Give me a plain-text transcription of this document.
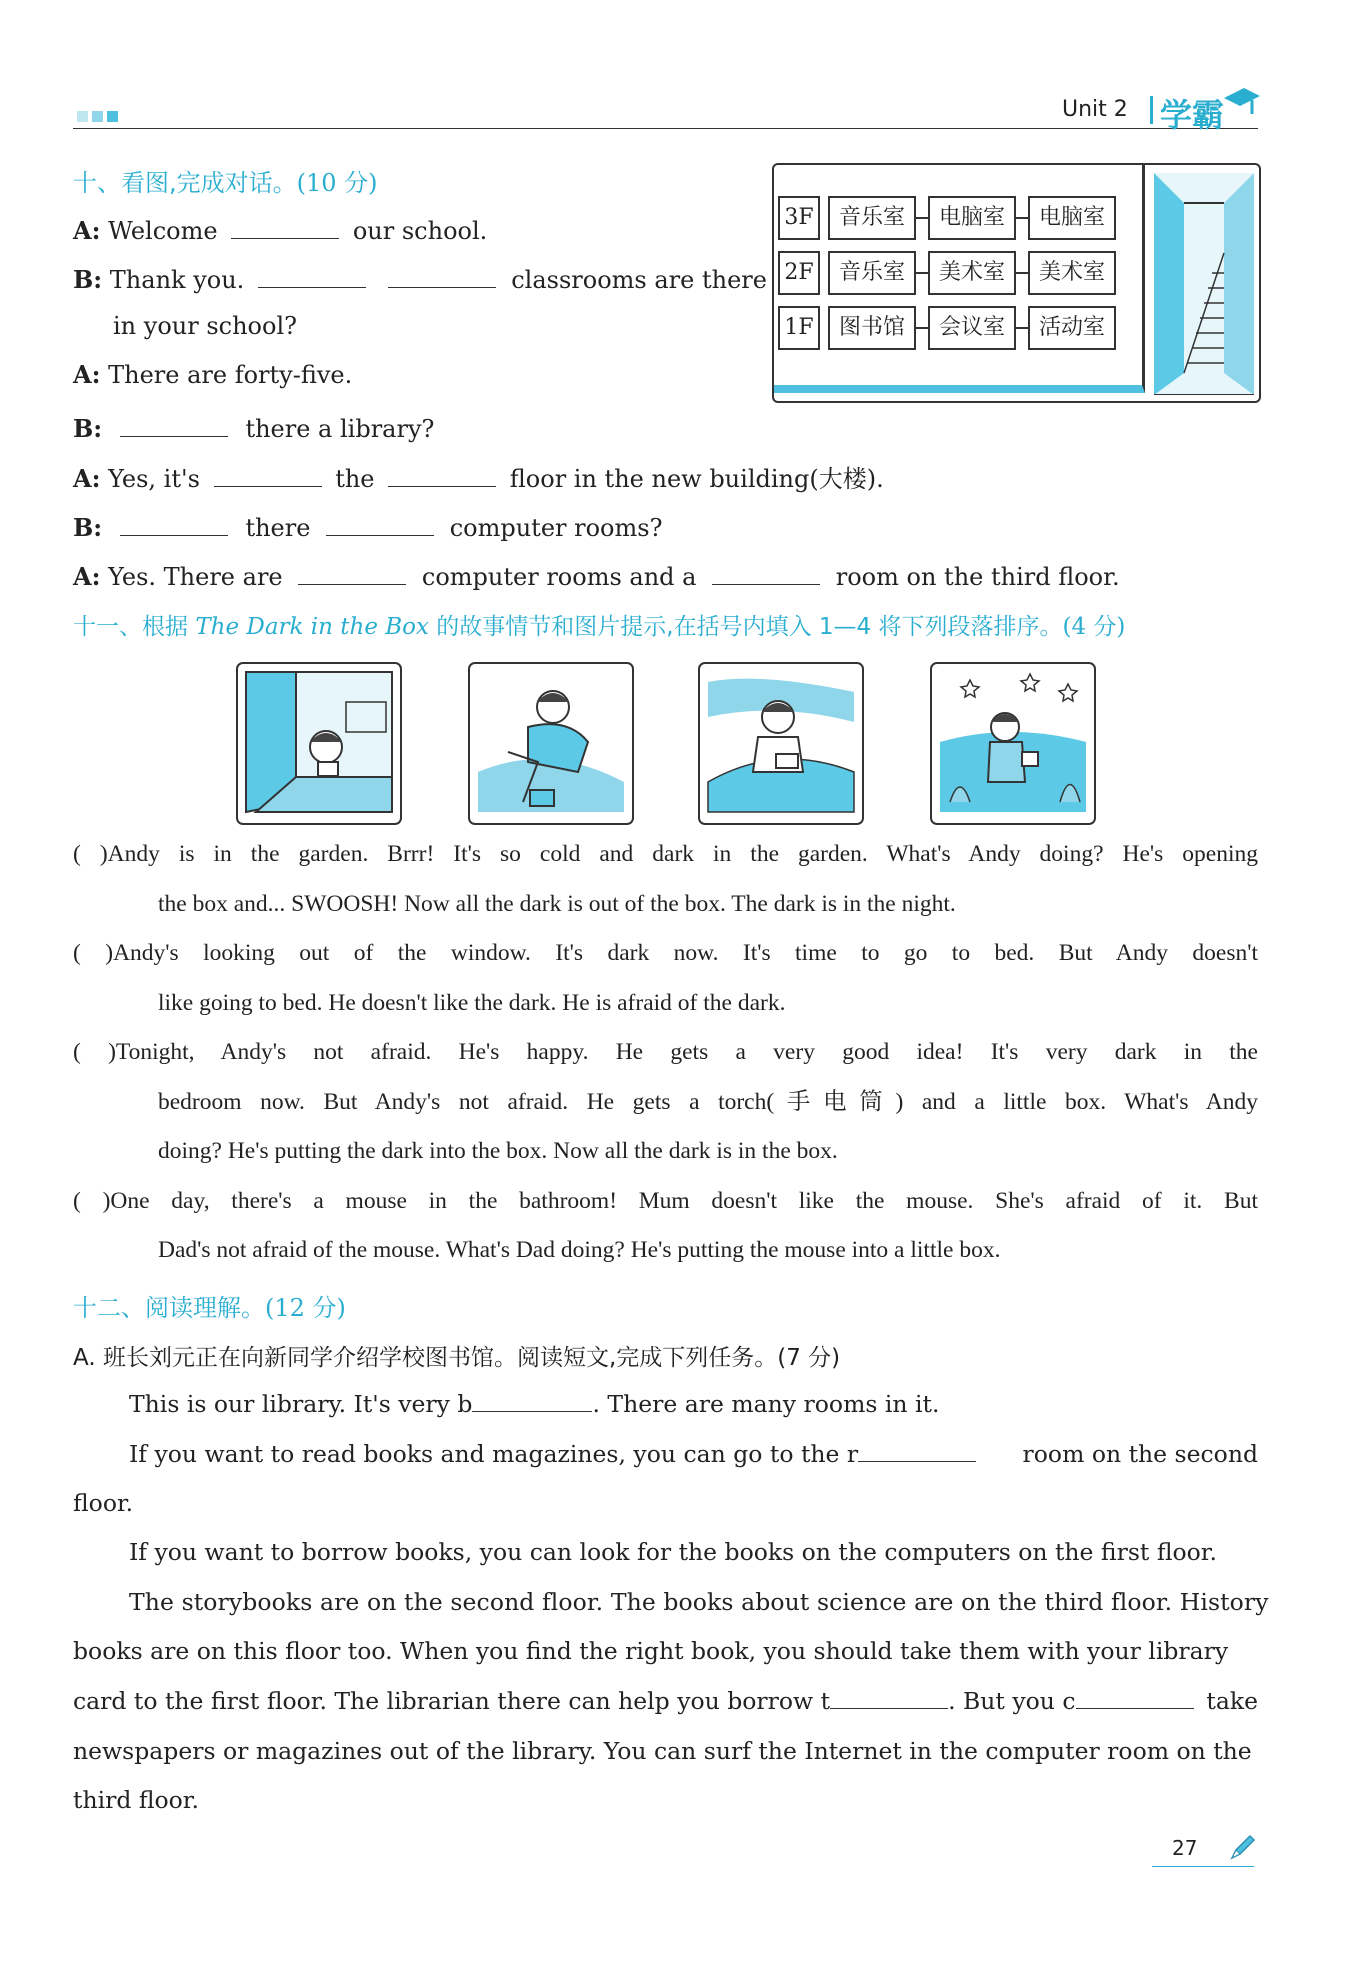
Unit 2 学霸
十、看图,完成对话。(10 分)
A: Welcome	our school.
B: Thank you.	classrooms are there
in your school?
A: There are forty-five.
B:	there a library?
A: Yes, it's	the	floor in the new building(大楼).
B:	there	computer rooms?
A: Yes. There are	computer rooms and a	room on the third floor.
3F	音乐室	电脑室	电脑室
2F	音乐室	美术室	美术室
1F	图书馆	会议室	活动室
十一、根据 The Dark in the Box 的故事情节和图片提示,在括号内填入 1—4 将下列段落排序。(4 分)
( )Andy is in the garden. Brrr! It's so cold and dark in the garden. What's Andy doing? He's opening
the box and... SWOOSH! Now all the dark is out of the box. The dark is in the night.
( )Andy's looking out of the window. It's dark now. It's time to go to bed. But Andy doesn't
like going to bed. He doesn't like the dark. He is afraid of the dark.
( )Tonight, Andy's not afraid. He's happy. He gets a very good idea! It's very dark in the
bedroom now. But Andy's not afraid. He gets a torch(手电筒) and a little box. What's Andy
doing? He's putting the dark into the box. Now all the dark is in the box.
( )One day, there's a mouse in the bathroom! Mum doesn't like the mouse. She's afraid of it. But
Dad's not afraid of the mouse. What's Dad doing? He's putting the mouse into a little box.
十二、阅读理解。(12 分)
A. 班长刘元正在向新同学介绍学校图书馆。阅读短文,完成下列任务。(7 分)
This is our library. It's very b	. There are many rooms in it.
If you want to read books and magazines, you can go to the r	room on the second
floor.
If you want to borrow books, you can look for the books on the computers on the first floor.
The storybooks are on the second floor. The books about science are on the third floor. History
books are on this floor too. When you find the right book, you should take them with your library
card to the first floor. The librarian there can help you borrow t	. But you c	take
newspapers or magazines out of the library. You can surf the Internet in the computer room on the
third floor.
27
